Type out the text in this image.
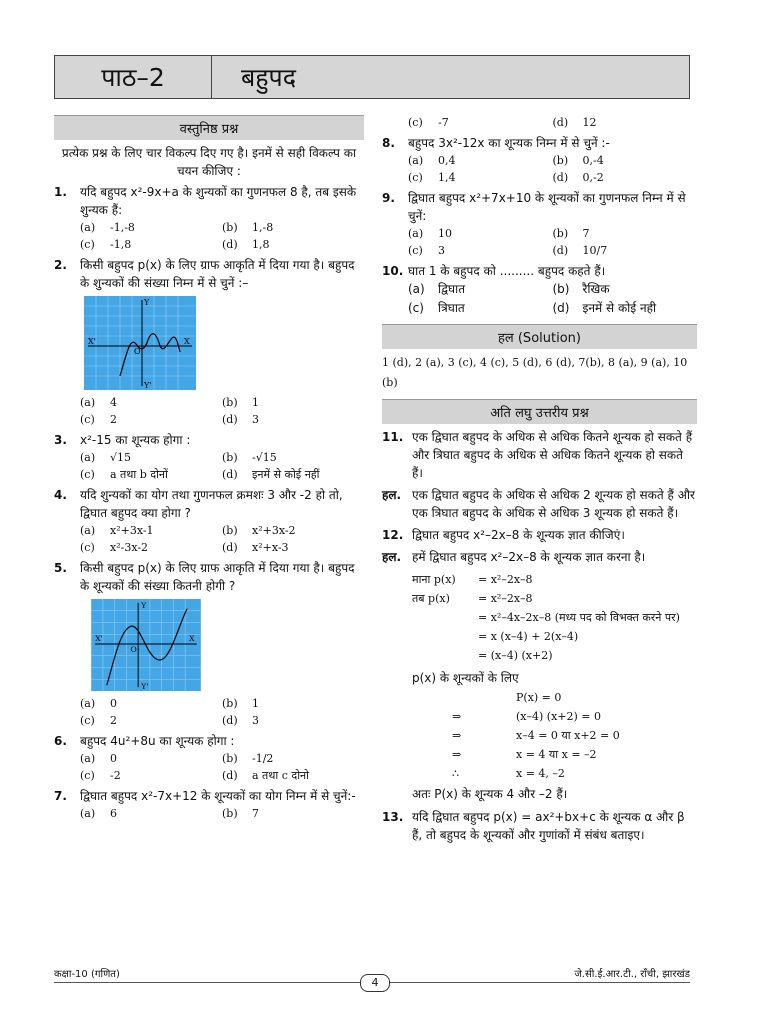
पाठ–2	बहुपद
वस्तुनिष्ठ प्रश्न
प्रत्येक प्रश्न के लिए चार विकल्प दिए गए है। इनमें से सही विकल्प का चयन कीजिए :
1.	यदि बहुपद x²-9x+a के शुन्यकों का गुणनफल 8 है, तब इसके शुन्यक हैं:
(a)	-1,-8	(b)	1,-8
(c)	-1,8	(d)	1,8
2.	किसी बहुपद p(x) के लिए ग्राफ आकृति में दिया गया है। बहुपद के शुन्यकों की संख्या निम्न में से चुनें :–
X'	X
Y
Y'
O
(a)	4	(b)	1
(c)	2	(d)	3
3.	x²-15 का शून्यक होगा :
(a)	√15	(b)	-√15
(c)	a तथा b दोनों	(d)	इनमें से कोई नहीं
4.	यदि शुन्यकों का योग तथा गुणनफल क्रमशः 3 और -2 हो तो, द्विघात बहुपद क्या होगा ?
(a)	x²+3x-1	(b)	x²+3x-2
(c)	x²-3x-2	(d)	x²+x-3
5.	किसी बहुपद p(x) के लिए ग्राफ आकृति में दिया गया है। बहुपद के शून्यकों की संख्या कितनी होगी ?
X'	X
Y
Y'
O
(a)	0	(b)	1
(c)	2	(d)	3
6.	बहुपद 4u²+8u का शून्यक होगा :
(a)	0	(b)	-1/2
(c)	-2	(d)	a तथा c दोनो
7.	द्विघात बहुपद x²-7x+12 के शून्यकों का योग निम्न में से चुनें:-
(a)	6	(b)	7
(c)	-7	(d)	12
8.	बहुपद 3x²-12x का शून्यक निम्न में से चुनें :-
(a)	0,4	(b)	0,-4
(c)	1,4	(d)	0,-2
9.	द्विघात बहुपद x²+7x+10 के शून्यकों का गुणनफल निम्न में से चुनें:
(a)	10	(b)	7
(c)	3	(d)	10/7
10. घात 1 के बहुपद को ......... बहुपद कहते हैं।
(a)	द्विघात	(b)	रैखिक
(c)	त्रिघात	(d)	इनमें से कोई नही
हल (Solution)
1 (d), 2 (a), 3 (c), 4 (c), 5 (d), 6 (d), 7(b), 8 (a), 9 (a), 10 (b)
अति लघु उत्तरीय प्रश्न
11. एक द्विघात बहुपद के अधिक से अधिक कितने शून्यक हो सकते हैं और त्रिघात बहुपद के अधिक से अधिक कितने शून्यक हो सकते हैं।
हल. एक द्विघात बहुपद के अधिक से अधिक 2 शून्यक हो सकते हैं और एक त्रिघात बहुपद के अधिक से अधिक 3 शून्यक हो सकते हैं।
12. द्विघात बहुपद x²–2x–8 के शून्यक ज्ञात कीजिएं।
हल. हमें द्विघात बहुपद x²–2x–8 के शून्यक ज्ञात करना है।
माना p(x)	= x²–2x–8
तब p(x)	= x²–2x–8
= x²–4x–2x–8 (मध्य पद को विभक्त करने पर)
= x (x–4) + 2(x–4)
= (x–4) (x+2)
p(x) के शून्यकों के लिए
P(x) = 0
⇒	(x–4) (x+2) = 0
⇒	x–4 = 0 या x+2 = 0
⇒	x = 4 या x = –2
∴	x = 4, –2
अतः P(x) के शून्यक 4 और –2 हैं।
13. यदि द्विघात बहुपद p(x) = ax²+bx+c के शून्यक α और β हैं, तो बहुपद के शून्यकों और गुणांकों में संबंध बताइए।
कक्षा-10 (गणित)	जे.सी.ई.आर.टी., राँची, झारखंड
4
